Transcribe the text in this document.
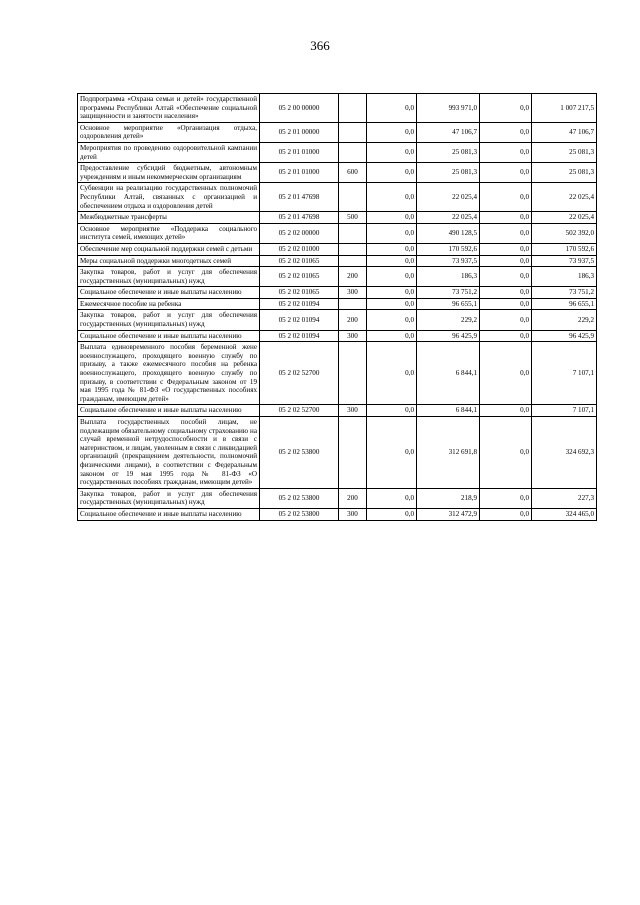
366
Подпрограмма «Охрана семьи и детей» государственной программы Республики Алтай «Обеспечение социальной защищенности и занятости населения»	05 2 00 00000		0,0	993 971,0	0,0	1 007 217,5
Основное мероприятие «Организация отдыха, оздоровления детей»	05 2 01 00000		0,0	47 106,7	0,0	47 106,7
Мероприятия по проведению оздоровительной кампании детей	05 2 01 01000		0,0	25 081,3	0,0	25 081,3
Предоставление субсидий бюджетным, автономным учреждениям и иным некоммерческим организациям	05 2 01 01000	600	0,0	25 081,3	0,0	25 081,3
Субвенции на реализацию государственных полномочий Республики Алтай, связанных с организацией и обеспечением отдыха и оздоровления детей	05 2 01 47698		0,0	22 025,4	0,0	22 025,4
Межбюджетные трансферты	05 2 01 47698	500	0,0	22 025,4	0,0	22 025,4
Основное мероприятие «Поддержка социального института семей, имеющих детей»	05 2 02 00000		0,0	490 128,5	0,0	502 392,0
Обеспечение мер социальной поддержки семей с детьми	05 2 02 01000		0,0	170 592,6	0,0	170 592,6
Меры социальной поддержки многодетных семей	05 2 02 01065		0,0	73 937,5	0,0	73 937,5
Закупка товаров, работ и услуг для обеспечения государственных (муниципальных) нужд	05 2 02 01065	200	0,0	186,3	0,0	186,3
Социальное обеспечение и иные выплаты населению	05 2 02 01065	300	0,0	73 751,2	0,0	73 751,2
Ежемесячное пособие на ребенка	05 2 02 01094		0,0	96 655,1	0,0	96 655,1
Закупка товаров, работ и услуг для обеспечения государственных (муниципальных) нужд	05 2 02 01094	200	0,0	229,2	0,0	229,2
Социальное обеспечение и иные выплаты населению	05 2 02 01094	300	0,0	96 425,9	0,0	96 425,9
Выплата единовременного пособия беременной жене военнослужащего, проходящего военную службу по призыву, а также ежемесячного пособия на ребенка военнослужащего, проходящего военную службу по призыву, в соответствии с Федеральным законом от 19 мая 1995 года № 81-ФЗ «О государственных пособиях гражданам, имеющим детей»	05 2 02 52700		0,0	6 844,1	0,0	7 107,1
Социальное обеспечение и иные выплаты населению	05 2 02 52700	300	0,0	6 844,1	0,0	7 107,1
Выплата государственных пособий лицам, не подлежащим обязательному социальному страхованию на случай временной нетрудоспособности и в связи с материнством, и лицам, уволенным в связи с ликвидацией организаций (прекращением деятельности, полномочий физическими лицами), в соответствии с Федеральным законом от 19 мая 1995 года № 81-ФЗ «О государственных пособиях гражданам, имеющим детей»	05 2 02 53800		0,0	312 691,8	0,0	324 692,3
Закупка товаров, работ и услуг для обеспечения государственных (муниципальных) нужд	05 2 02 53800	200	0,0	218,9	0,0	227,3
Социальное обеспечение и иные выплаты населению	05 2 02 53800	300	0,0	312 472,9	0,0	324 465,0
